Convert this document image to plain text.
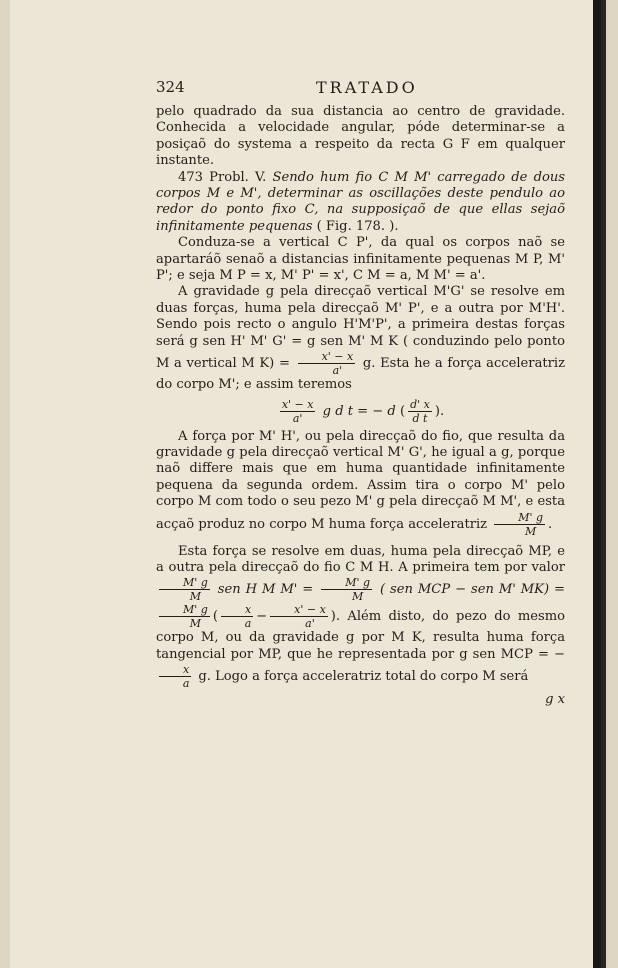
324	TRATADO

pelo quadrado da sua distancia ao centro de gravidade. Conhecida a velocidade angular, póde determinar-se a posiçaõ do systema a respeito da recta G F em qualquer instante.

473 Probl. V. Sendo hum fio C M M' carregado de dous corpos M e M', determinar as oscillações deste pendulo ao redor do ponto fixo C, na supposiçaõ de que ellas sejaõ infinitamente pequenas ( Fig. 178. ).

Conduza-se a vertical C P', da qual os corpos naõ se apartaráõ senaõ a distancias infinitamente pequenas M P, M' P'; e seja M P = x, M' P' = x', C M = a, M M' = a'.

A gravidade g pela direcçaõ vertical M'G' se resolve em duas forças, huma pela direcçaõ M' P', e a outra por M'H'. Sendo pois recto o angulo H'M'P', a primeira destas forças será g sen H' M' G' = g sen M' M K ( conduzindo pelo ponto M a vertical M $K) = \frac{x' - x}{a'} g$. Esta he a força acceleratriz do corpo M'; e assim teremos

$\frac{x' - x}{a'}$ g d t = − d ( $\frac{d' x}{\text{d t}}$ ).

A força por M' H', ou pela direcçaõ do fio, que resulta da gravidade g pela direcçaõ vertical M' G', he igual a g, porque naõ differe mais que em huma quantidade infinitamente pequena da segunda ordem. Assim tira o corpo M' pelo corpo M com todo o seu pezo M' g pela direcçaõ M M', e esta acçaõ produz no corpo M huma força acceleratriz $\frac{M' g}{M}$ .

Esta força se resolve em duas, huma pela direcçaõ MP, e a outra pela direcçaõ do fio C M H. A primeira tem por valor
$\frac{M' g}{M}$ sen H M $M' = \frac{M' g}{M}$ ( sen MCP − sen M' MK) =
$\frac{M' g}{M}$ ( $\frac{x}{a} - \frac{x' - x}{a'}$ ). Além disto, do pezo do mesmo corpo M, ou da gravidade g por M K, resulta huma força tangencial por MP, que he representada por g sen MCP = −
$\frac{x}{a} g$. Logo a força acceleratriz total do corpo M será

g x
